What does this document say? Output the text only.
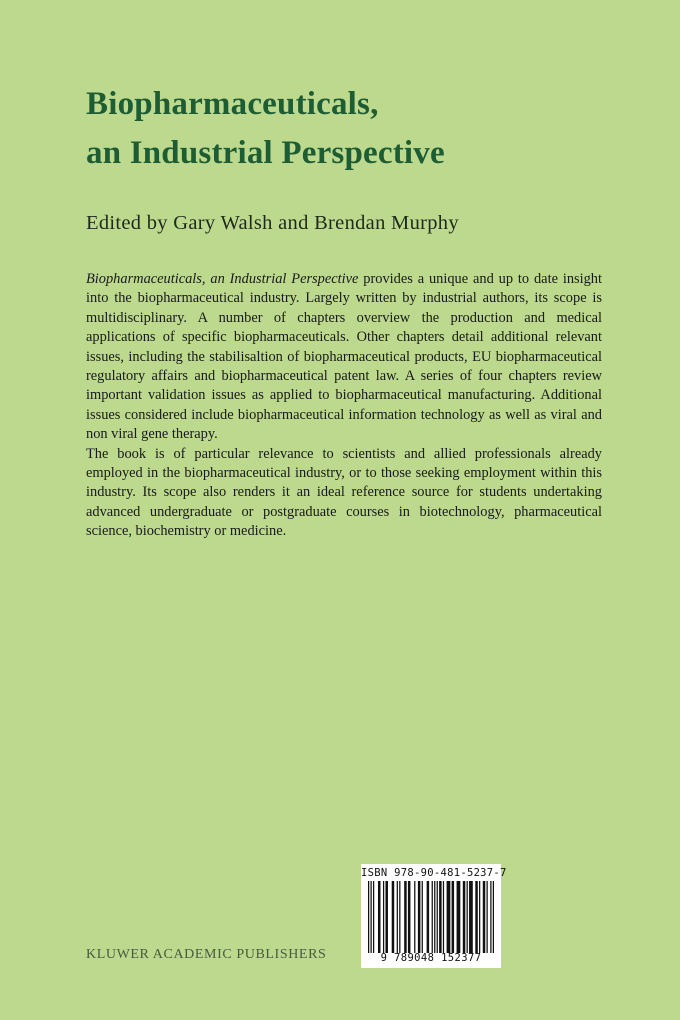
Biopharmaceuticals,
an Industrial Perspective
Edited by Gary Walsh and Brendan Murphy

Biopharmaceuticals, an Industrial Perspective provides a unique and up to date insight into the biopharmaceutical industry. Largely written by industrial authors, its scope is multidisciplinary. A number of chapters overview the production and medical applications of specific biopharmaceuticals. Other chapters detail additional relevant issues, including the stabilisaltion of biopharmaceutical products, EU biopharmaceutical regulatory affairs and biopharmaceutical patent law. A series of four chapters review important validation issues as applied to biopharmaceutical manufacturing. Additional issues considered include biopharmaceutical information technology as well as viral and non viral gene therapy.

The book is of particular relevance to scientists and allied professionals already employed in the biopharmaceutical industry, or to those seeking employment within this industry. Its scope also renders it an ideal reference source for students undertaking advanced undergraduate or postgraduate courses in biotechnology, pharmaceutical science, biochemistry or medicine.

KLUWER ACADEMIC PUBLISHERS
ISBN 978-90-481-5237-7
9 789048 152377
